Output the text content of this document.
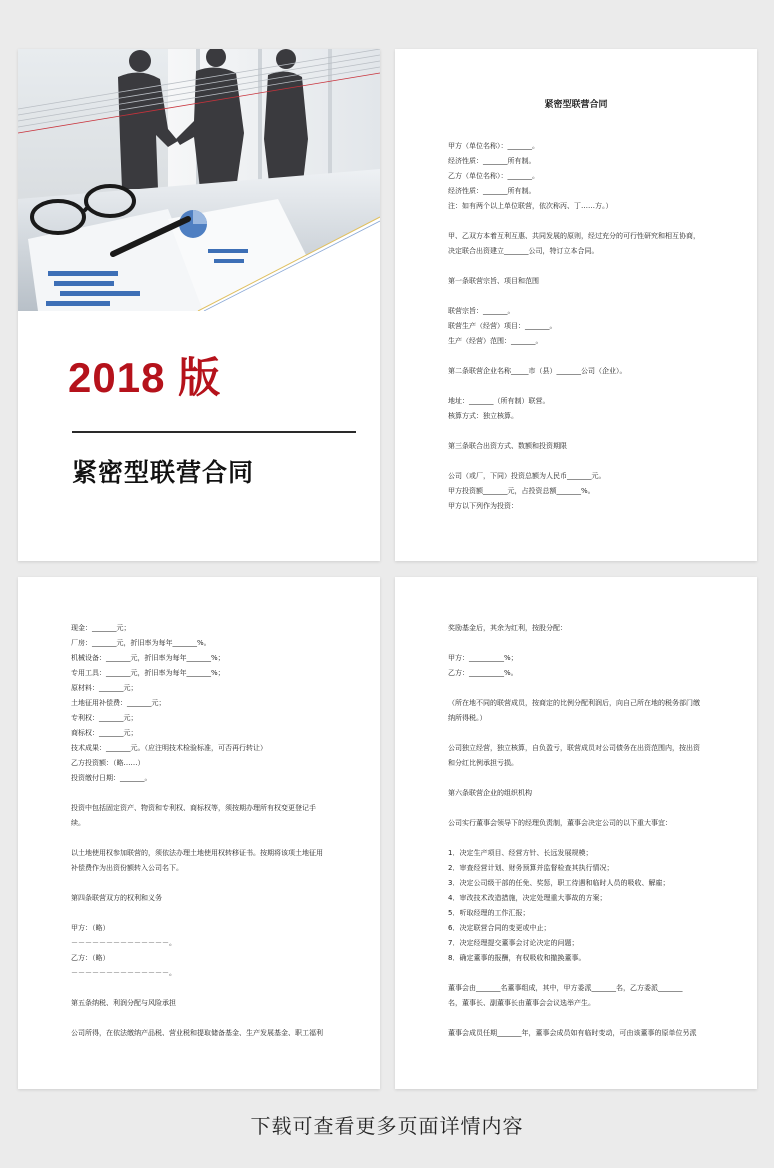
2018 版
紧密型联营合同
紧密型联营合同
甲方（单位名称）：_______。
经济性质：_______所有制。
乙方（单位名称）：_______。
经济性质：_______所有制。
注：如有两个以上单位联营，依次称丙、丁……方。）
甲、乙双方本着互利互惠、共同发展的原则，经过充分的可行性研究和相互协商，
决定联合出资建立_______公司，特订立本合同。
第一条联营宗旨、项目和范围
联营宗旨：_______。
联营生产（经营）项目：_______。
生产（经营）范围：_______。
第二条联营企业名称_____市（县）_______公司（企业）。
地址：_______（所有制）联营。
核算方式：独立核算。
第三条联合出资方式、数额和投资期限
公司（或厂，下同）投资总额为人民币_______元。
甲方投资额_______元，占投资总额_______%。
甲方以下列作为投资：
现金：_______元；
厂房：_______元，折旧率为每年_______%。
机械设备：_______元，折旧率为每年_______%；
专用工具：_______元，折旧率为每年_______%；
原材料：_______元；
土地征用补偿费：_______元；
专利权：_______元；
商标权：_______元；
技术成果：_______元。（应注明技术检验标准，可否再行转让）
乙方投资额：（略……）
投资缴付日期：_______。
投资中包括固定资产、物资和专利权、商标权等，须按期办理所有权变更登记手
续。
以土地使用权参加联营的，须依法办理土地使用权转移证书。按期将该项土地征用
补偿费作为出资份额转入公司名下。
第四条联营双方的权利和义务
甲方：（略）
－－－－－－－－－－－－－－。
乙方：（略）
－－－－－－－－－－－－－－。
第五条纳税、利润分配与风险承担
公司所得，在依法缴纳产品税、营业税和提取储备基金、生产发展基金、职工福利
奖励基金后，其余为红利，按股分配：
甲方：__________%；
乙方：__________%。
（所在地不同的联营成员，按商定的比例分配利润后，向自己所在地的税务部门缴
纳所得税。）
公司独立经营，独立核算，自负盈亏，联营成员对公司债务在出资范围内，按出资
和分红比例承担亏损。
第六条联营企业的组织机构
公司实行董事会领导下的经理负责制，董事会决定公司的以下重大事宜：
1．决定生产项目、经营方针、长远发展规模；
2．审查经营计划、财务预算并监督检查其执行情况；
3．决定公司级干部的任免、奖惩，职工待遇和临时人员的吸收、解雇；
4．审改技术改造措施，决定处理重大事故的方案；
5．听取经理的工作汇报；
6．决定联营合同的变更或中止；
7．决定经理提交董事会讨论决定的问题；
8．确定董事的报酬，有权吸收和撤换董事。
董事会由_______名董事组成，其中，甲方委派_______名，乙方委派_______
名，董事长、副董事长由董事会会议选举产生。
董事会成员任期_______年，董事会成员如有临时变动，可由该董事的原单位另派
下载可查看更多页面详情内容
